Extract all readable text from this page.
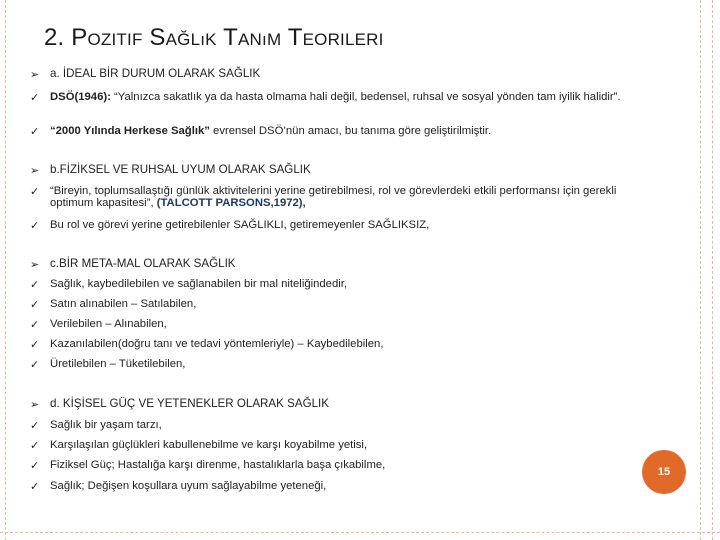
2. POZITIF SAĞLıK TANıM TEORILERI
➢ a. İDEAL BİR DURUM OLARAK SAĞLIK
✓ DSÖ(1946): “Yalnızca sakatlık ya da hasta olmama hali değil, bedensel, ruhsal ve sosyal yönden tam iyilik halidir”.
✓ “2000 Yılında Herkese Sağlık” evrensel DSÖ’nün amacı, bu tanıma göre geliştirilmiştir.
➢ b.FİZİKSEL VE RUHSAL UYUM OLARAK SAĞLIK
✓ “Bireyin, toplumsallaştığı günlük aktivitelerini yerine getirebilmesi, rol ve görevlerdeki etkili performansı için gerekli optimum kapasitesi”, (TALCOTT PARSONS,1972),
✓ Bu rol ve görevi yerine getirebilenler SAĞLIKLI, getiremeyenler SAĞLIKSIZ,
➢ c.BİR META-MAL OLARAK SAĞLIK
✓ Sağlık, kaybedilebilen ve sağlanabilen bir mal niteliğindedir,
✓ Satın alınabilen – Satılabilen,
✓ Verilebilen – Alınabilen,
✓ Kazanılabilen(doğru tanı ve tedavi yöntemleriyle) – Kaybedilebilen,
✓ Üretilebilen – Tüketilebilen,
➢ d. KİŞİSEL GÜÇ VE YETENEKLER OLARAK SAĞLIK
✓ Sağlık bir yaşam tarzı,
✓ Karşılaşılan güçlükleri kabullenebilme ve karşı koyabilme yetisi,
✓ Fiziksel Güç; Hastalığa karşı direnme, hastalıklarla başa çıkabilme,
✓ Sağlık; Değişen koşullara uyum sağlayabilme yeteneği,
15
